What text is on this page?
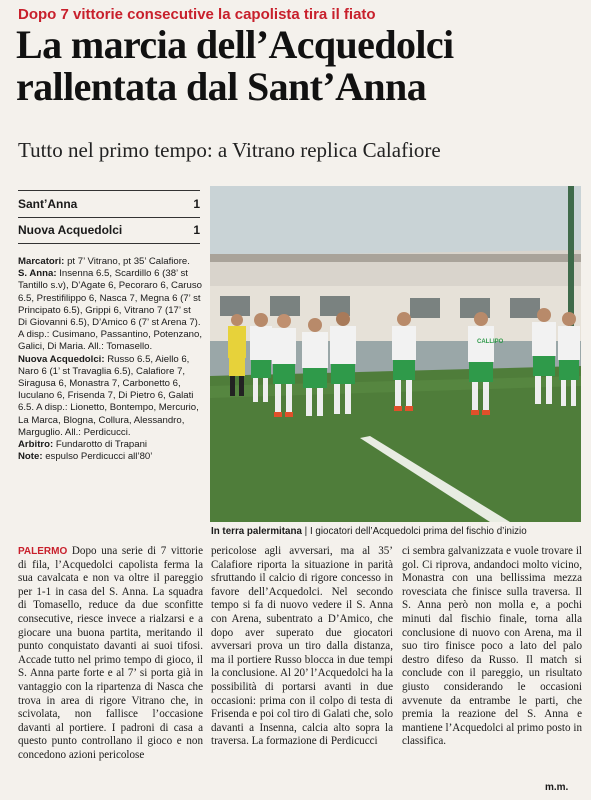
Dopo 7 vittorie consecutive la capolista tira il fiato
La marcia dell’Acquedolci
rallentata dal Sant’Anna
Tutto nel primo tempo: a Vitrano replica Calafiore
Sant’Anna	1
Nuova Acquedolci	1

Marcatori: pt 7’ Vitrano, pt 35’ Calafiore.

S. Anna: Insenna 6.5, Scardillo 6 (38’ st Tantillo s.v), D’Agate 6, Pecoraro 6, Caruso 6.5, Prestifilippo 6, Nasca 7, Megna 6 (7’ st Principato 6.5), Grippi 6, Vitrano 7 (17’ st Di Giovanni 6.5), D’Amico 6 (7’ st Arena 7). A disp.: Cusimano, Passantino, Potenzano, Galici, Di Maria. All.: Tomasello.

Nuova Acquedolci: Russo 6.5, Aiello 6, Naro 6 (1’ st Travaglia 6.5), Calafiore 7, Siragusa 6, Monastra 7, Carbonetto 6, Iuculano 6, Frisenda 7, Di Pietro 6, Galati 6.5. A disp.: Lionetto, Bontempo, Mercurio, La Marca, Blogna, Collura, Alessandro, Marguglio. All.: Perdicucci.

Arbitro: Fundarotto di Trapani

Note: espulso Perdicucci all’80’

CALLIPO
In terra palermitana | I giocatori dell’Acquedolci prima del fischio d’inizio
PALERMO Dopo una serie di 7 vittorie di fila, l’Acquedolci capolista ferma la sua cavalcata e non va oltre il pareggio per 1-1 in casa del S. Anna. La squadra di Tomasello, reduce da due sconfitte consecutive, riesce invece a rialzarsi e a giocare una buona partita, meritando il punto conquistato davanti ai suoi tifosi. Accade tutto nel primo tempo di gioco, il S. Anna parte forte e al 7’ si porta già in vantaggio con la ripartenza di Nasca che trova in area di rigore Vitrano che, in scivolata, non fallisce l’occasione davanti al portiere. I padroni di casa a questo punto controllano il gioco e non concedono azioni pericolose
pericolose agli avversari, ma al 35’ Calafiore riporta la situazione in parità sfruttando il calcio di rigore concesso in favore dell’Acquedolci. Nel secondo tempo si fa di nuovo vedere il S. Anna con Arena, subentrato a D’Amico, che dopo aver superato due giocatori avversari prova un tiro dalla distanza, ma il portiere Russo blocca in due tempi la conclusione. Al 20’ l’Acquedolci ha la possibilità di portarsi avanti in due occasioni: prima con il colpo di testa di Frisenda e poi col tiro di Galati che, solo davanti a Insenna, calcia alto sopra la traversa. La formazione di Perdicucci
ci sembra galvanizzata e vuole trovare il gol. Ci riprova, andandoci molto vicino, Monastra con una bellissima mezza rovesciata che finisce sulla traversa. Il S. Anna però non molla e, a pochi minuti dal fischio finale, torna alla conclusione di nuovo con Arena, ma il suo tiro finisce poco a lato del palo destro difeso da Russo. Il match si conclude con il pareggio, un risultato giusto considerando le occasioni avvenute da entrambe le parti, che premia la reazione del S. Anna e mantiene l’Acquedolci al primo posto in classifica.
m.m.
